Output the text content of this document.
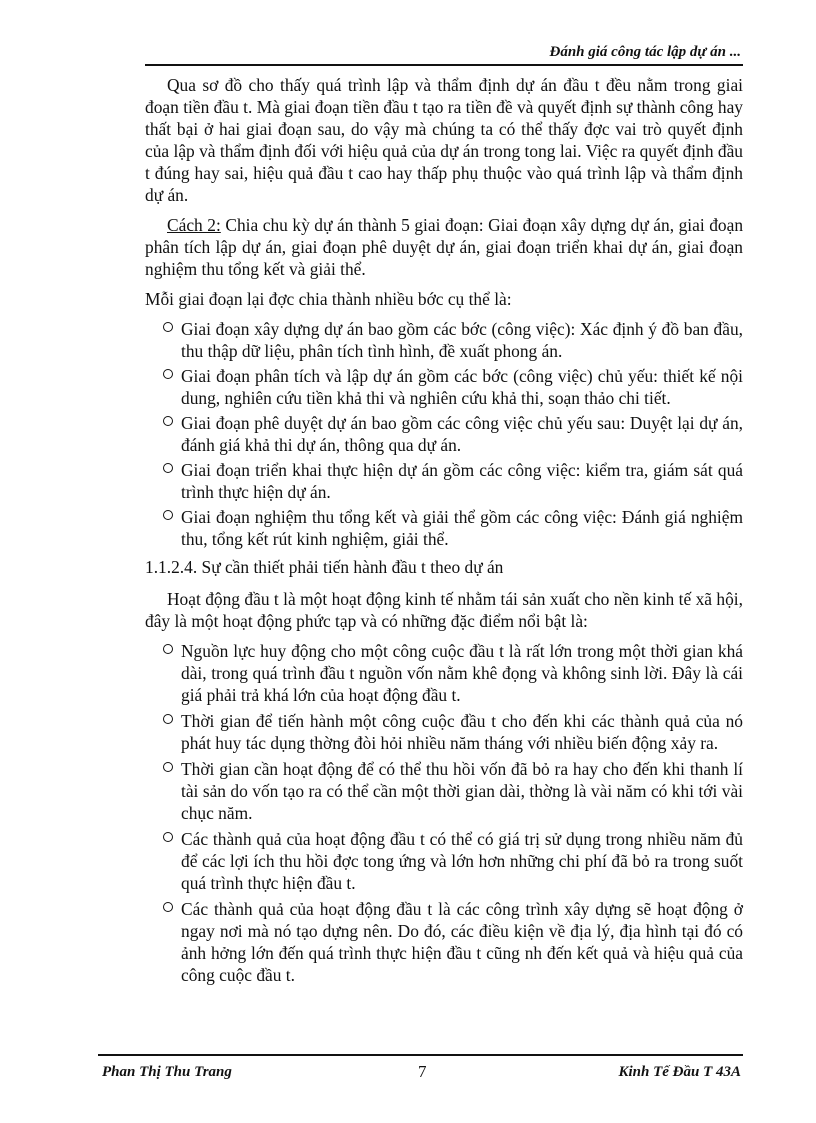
Đánh giá công tác lập dự án ...

Qua sơ đồ cho thấy quá trình lập và thẩm định dự án đầu t đều nằm trong giai đoạn tiền đầu t. Mà giai đoạn tiền đầu t tạo ra tiền đề và quyết định sự thành công hay thất bại ở hai giai đoạn sau, do vậy mà chúng ta có thể thấy đợc vai trò quyết định của lập và thẩm định đối với hiệu quả của dự án trong tong lai. Việc ra quyết định đầu t đúng hay sai, hiệu quả đầu t cao hay thấp phụ thuộc vào quá trình lập và thẩm định dự án.

Cách 2: Chia chu kỳ dự án thành 5 giai đoạn: Giai đoạn xây dựng dự án, giai đoạn phân tích lập dự án, giai đoạn phê duyệt dự án, giai đoạn triển khai dự án, giai đoạn nghiệm thu tổng kết và giải thể.

Mỗi giai đoạn lại đợc chia thành nhiều bớc cụ thể là:

Giai đoạn xây dựng dự án bao gồm các bớc (công việc): Xác định ý đồ ban đầu, thu thập dữ liệu, phân tích tình hình, đề xuất phong án.
Giai đoạn phân tích và lập dự án gồm các bớc (công việc) chủ yếu: thiết kế nội dung, nghiên cứu tiền khả thi và nghiên cứu khả thi, soạn thảo chi tiết.
Giai đoạn phê duyệt dự án bao gồm các công việc chủ yếu sau: Duyệt lại dự án, đánh giá khả thi dự án, thông qua dự án.
Giai đoạn triển khai thực hiện dự án gồm các công việc: kiểm tra, giám sát quá trình thực hiện dự án.
Giai đoạn nghiệm thu tổng kết và giải thể gồm các công việc: Đánh giá nghiệm thu, tổng kết rút kinh nghiệm, giải thể.

1.1.2.4. Sự cần thiết phải tiến hành đầu t theo dự án

Hoạt động đầu t là một hoạt động kinh tế nhằm tái sản xuất cho nền kinh tế xã hội, đây là một hoạt động phức tạp và có những đặc điểm nổi bật là:

Nguồn lực huy động cho một công cuộc đầu t là rất lớn trong một thời gian khá dài, trong quá trình đầu t nguồn vốn nằm khê đọng và không sinh lời. Đây là cái giá phải trả khá lớn của hoạt động đầu t.
Thời gian để tiến hành một công cuộc đầu t cho đến khi các thành quả của nó phát huy tác dụng thờng đòi hỏi nhiều năm tháng với nhiều biến động xảy ra.
Thời gian cần hoạt động để có thể thu hồi vốn đã bỏ ra hay cho đến khi thanh lí tài sản do vốn tạo ra có thể cần một thời gian dài, thờng là vài năm có khi tới vài chục năm.
Các thành quả của hoạt động đầu t có thể có giá trị sử dụng trong nhiều năm đủ để các lợi ích thu hồi đợc tong ứng và lớn hơn những chi phí đã bỏ ra trong suốt quá trình thực hiện đầu t.
Các thành quả của hoạt động đầu t là các công trình xây dựng sẽ hoạt động ở ngay nơi mà nó tạo dựng nên. Do đó, các điều kiện về địa lý, địa hình tại đó có ảnh hởng lớn đến quá trình thực hiện đầu t cũng nh đến kết quả và hiệu quả của công cuộc đầu t.
Phan Thị Thu Trang	7	Kinh Tế Đầu T 43A
